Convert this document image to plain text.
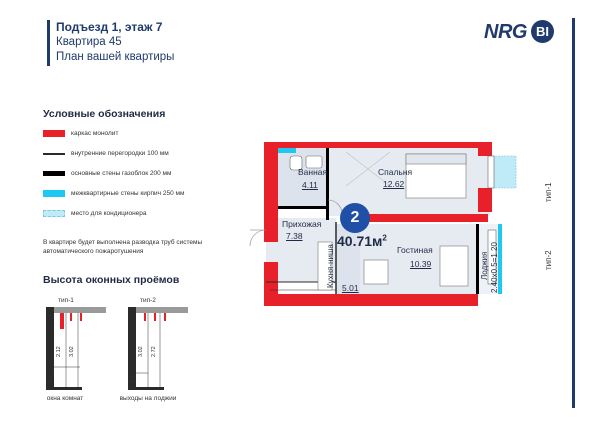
Подъезд 1, этаж 7
Квартира 45
План вашей квартиры
NRG BI
Условные обозначения
каркас монолит
внутренние перегородки 100 мм
основные стены газоблок 200 мм
межквартирные стены кирпич 250 мм
место для кондиционера
В квартире будет выполнена разводка труб системы автоматического пожаротушения
Высота оконных проёмов
тип-1	тип-2
2.12 3.02
0.9
3.02 2.72
1.2
окна комнат	выходы на лоджии
Ванная
4.11
Спальня
12.62
Прихожая
7.38
Гостиная
10.39
Кухня-ниша 5.01
Лоджия 2.40х0.5=1.20
2
$40.71м^2$
тип-1
тип-2
